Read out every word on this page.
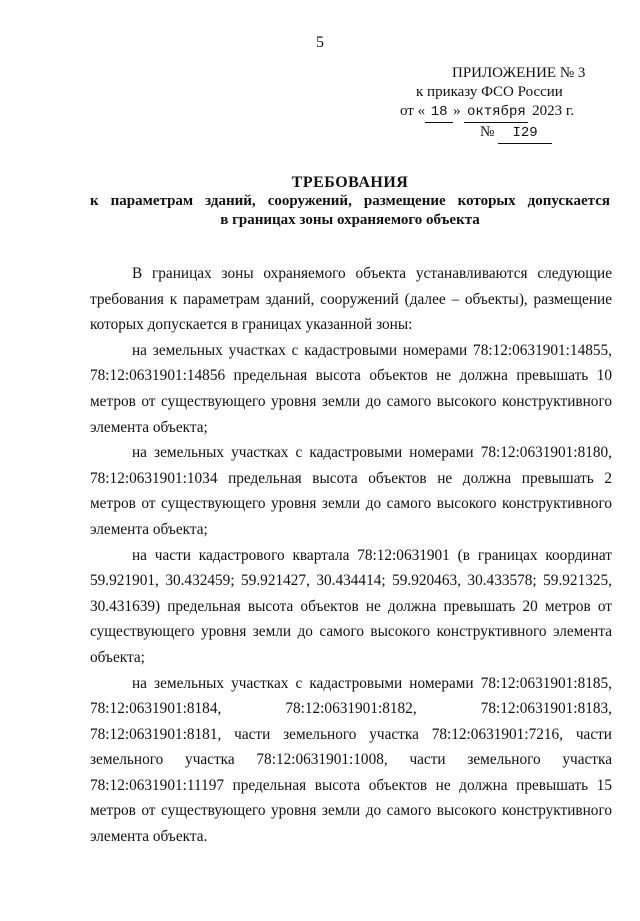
5
ПРИЛОЖЕНИЕ № 3
к приказу ФСО России
от « 18 » октября 2023 г.
№ I29
ТРЕБОВАНИЯ
к параметрам зданий, сооружений, размещение которых допускается
в границах зоны охраняемого объекта

В границах зоны охраняемого объекта устанавливаются следующие требования к параметрам зданий, сооружений (далее – объекты), размещение которых допускается в границах указанной зоны:

на земельных участках с кадастровыми номерами 78:12:0631901:14855, 78:12:0631901:14856 предельная высота объектов не должна превышать 10 метров от существующего уровня земли до самого высокого конструктивного элемента объекта;

на земельных участках с кадастровыми номерами 78:12:0631901:8180, 78:12:0631901:1034 предельная высота объектов не должна превышать 2 метров от существующего уровня земли до самого высокого конструктивного элемента объекта;

на части кадастрового квартала 78:12:0631901 (в границах координат 59.921901, 30.432459; 59.921427, 30.434414; 59.920463, 30.433578; 59.921325, 30.431639) предельная высота объектов не должна превышать 20 метров от существующего уровня земли до самого высокого конструктивного элемента объекта;

на земельных участках с кадастровыми номерами 78:12:0631901:8185, 78:12:0631901:8184, 78:12:0631901:8182, 78:12:0631901:8183, 78:12:0631901:8181, части земельного участка 78:12:0631901:7216, части земельного участка 78:12:0631901:1008, части земельного участка 78:12:0631901:11197 предельная высота объектов не должна превышать 15 метров от существующего уровня земли до самого высокого конструктивного элемента объекта.
